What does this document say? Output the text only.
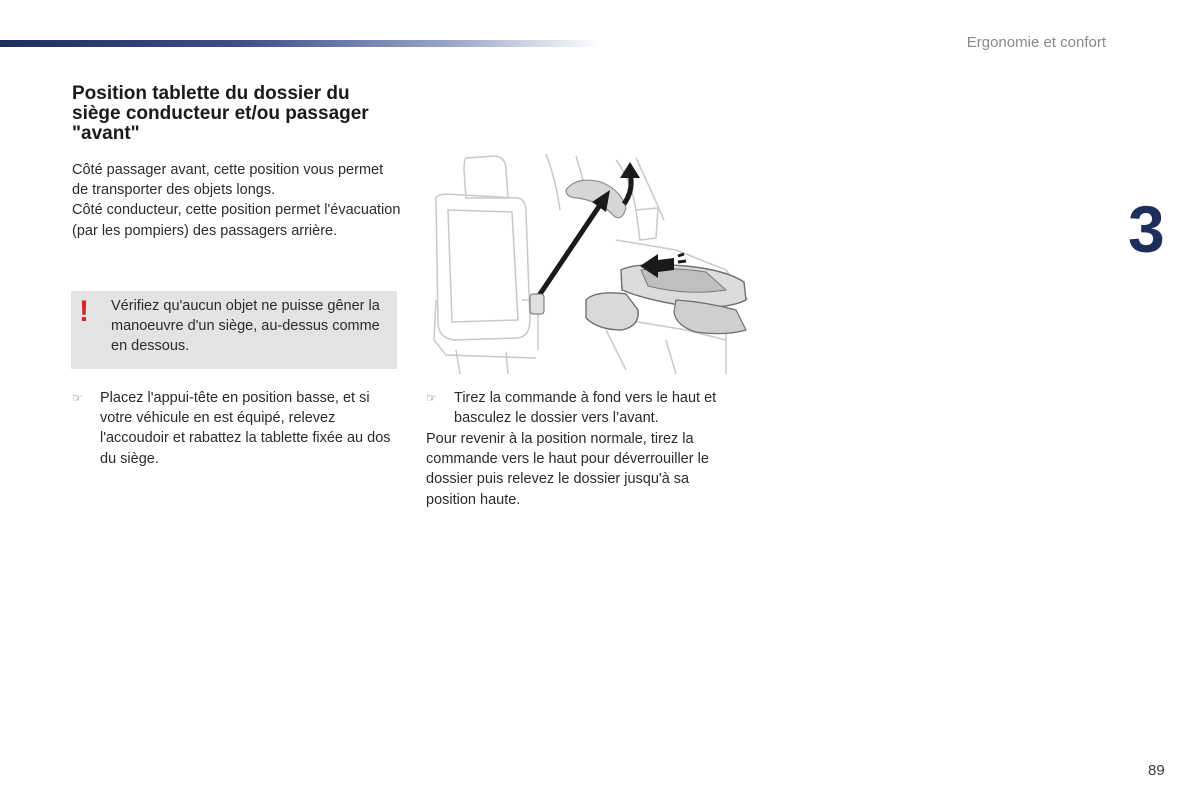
Ergonomie et confort
3
Position tablette du dossier du siège conducteur et/ou passager "avant"

Côté passager avant, cette position vous permet de transporter des objets longs.

Côté conducteur, cette position permet l'évacuation (par les pompiers) des passagers arrière.

! Vérifiez qu'aucun objet ne puisse gêner la manoeuvre d'un siège, au-dessus comme en dessous.
☞ Placez l'appui-tête en position basse, et si votre véhicule en est équipé, relevez l'accoudoir et rabattez la tablette fixée au dos du siège.
☞ Tirez la commande à fond vers le haut et basculez le dossier vers l’avant.

Pour revenir à la position normale, tirez la commande vers le haut pour déverrouiller le dossier puis relevez le dossier jusqu'à sa position haute.

89
